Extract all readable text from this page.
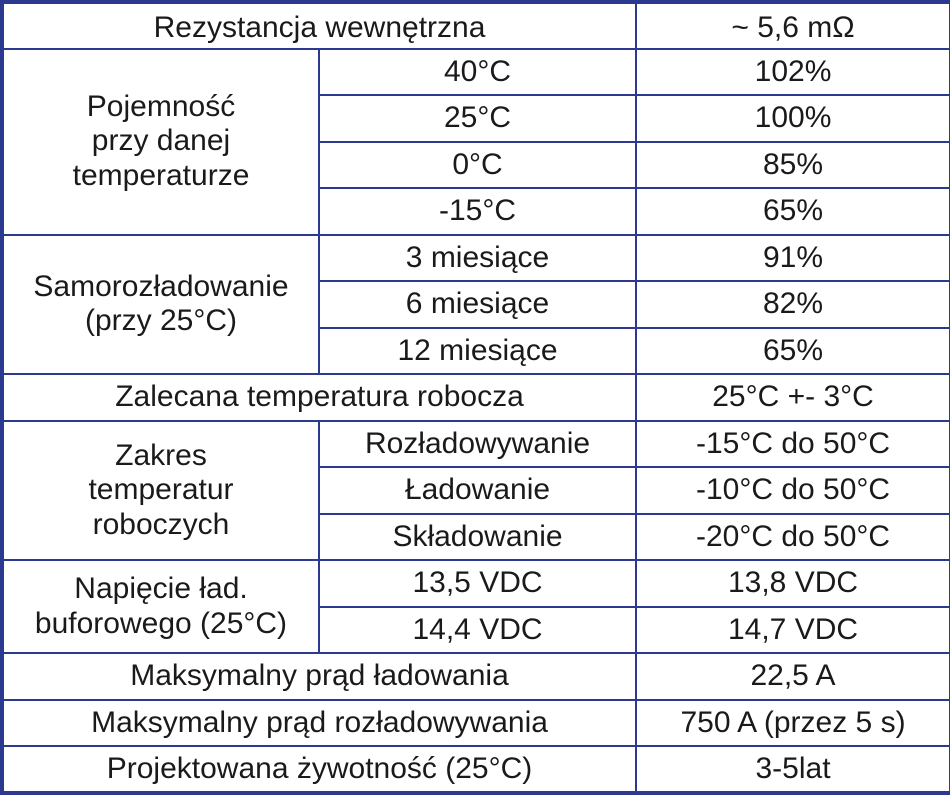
Rezystancja wewnętrzna		~ 5,6 mΩ
Pojemność
przy danej
temperaturze	40°C	102%
	25°C	100%
	0°C	85%
	-15°C	65%
Samorozładowanie
(przy 25°C)	3 miesiące	91%
	6 miesiące	82%
	12 miesiące	65%
Zalecana temperatura robocza		25°C +- 3°C
Zakres
temperatur
roboczych	Rozładowywanie	-15°C do 50°C
	Ładowanie	-10°C do 50°C
	Składowanie	-20°C do 50°C
Napięcie ład.
buforowego (25°C)	13,5 VDC	13,8 VDC
	14,4 VDC	14,7 VDC
Maksymalny prąd ładowania		22,5 A
Maksymalny prąd rozładowywania		750 A (przez 5 s)
Projektowana żywotność (25°C)		3-5lat
